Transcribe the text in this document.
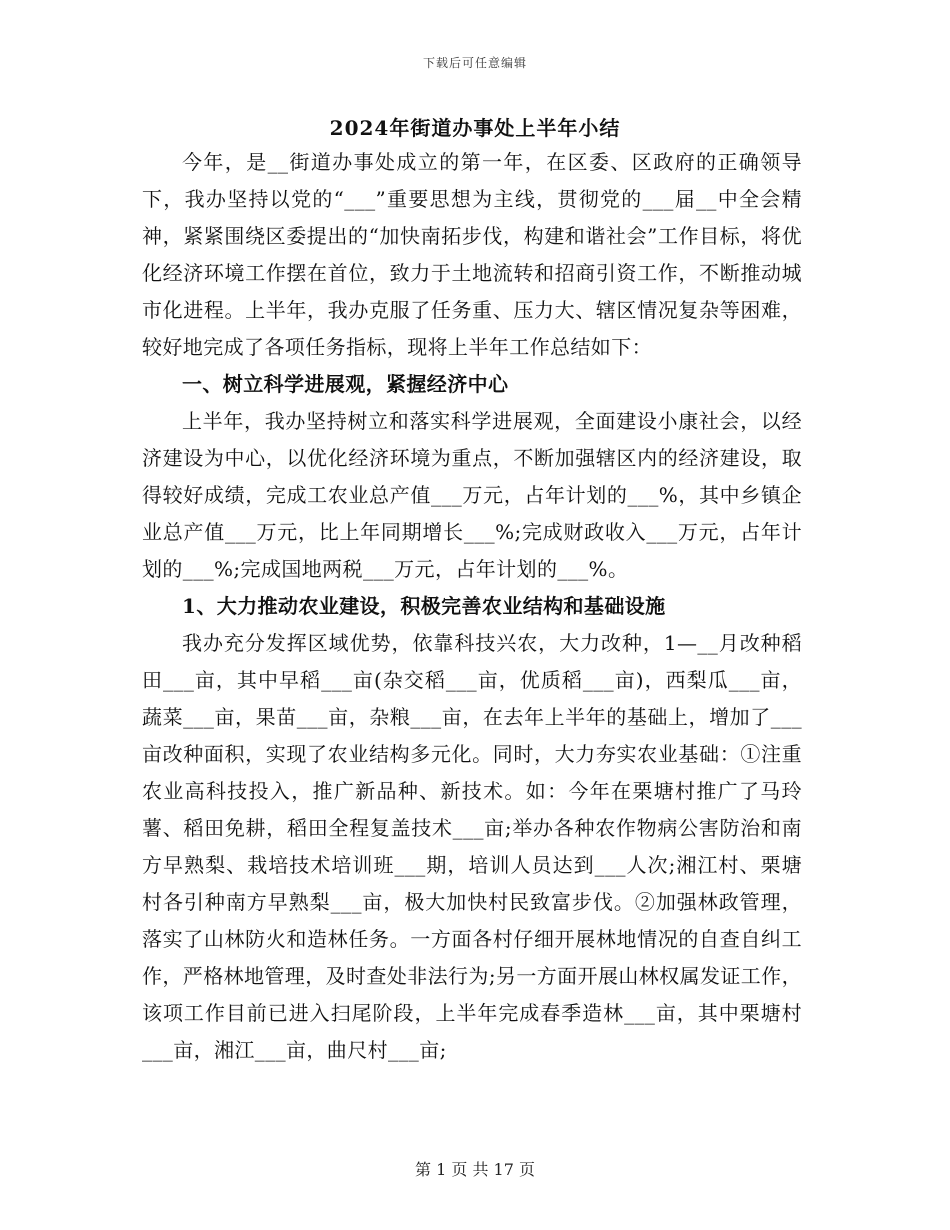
下载后可任意编辑
2024年街道办事处上半年小结

今年，是__街道办事处成立的第一年，在区委、区政府的正确领导下，我办坚持以党的“___”重要思想为主线，贯彻党的___届__中全会精神，紧紧围绕区委提出的“加快南拓步伐，构建和谐社会”工作目标，将优化经济环境工作摆在首位，致力于土地流转和招商引资工作，不断推动城市化进程。上半年，我办克服了任务重、压力大、辖区情况复杂等困难，较好地完成了各项任务指标，现将上半年工作总结如下：

一、树立科学进展观，紧握经济中心

上半年，我办坚持树立和落实科学进展观，全面建设小康社会，以经济建设为中心，以优化经济环境为重点，不断加强辖区内的经济建设，取得较好成绩，完成工农业总产值___万元，占年计划的___%，其中乡镇企业总产值___万元，比上年同期增长___%;完成财政收入___万元，占年计划的___%;完成国地两税___万元，占年计划的___%。

1、大力推动农业建设，积极完善农业结构和基础设施

我办充分发挥区域优势，依靠科技兴农，大力改种，1—__月改种稻田___亩，其中早稻___亩(杂交稻___亩，优质稻___亩)，西梨瓜___亩，蔬菜___亩，果苗___亩，杂粮___亩，在去年上半年的基础上，增加了___亩改种面积，实现了农业结构多元化。同时，大力夯实农业基础：①注重农业高科技投入，推广新品种、新技术。如：今年在栗塘村推广了马玲薯、稻田免耕，稻田全程复盖技术___亩;举办各种农作物病公害防治和南方早熟梨、栽培技术培训班___期，培训人员达到___人次;湘江村、栗塘村各引种南方早熟梨___亩，极大加快村民致富步伐。②加强林政管理，落实了山林防火和造林任务。一方面各村仔细开展林地情况的自查自纠工作，严格林地管理，及时查处非法行为;另一方面开展山林权属发证工作，该项工作目前已进入扫尾阶段，上半年完成春季造林___亩，其中栗塘村___亩，湘江___亩，曲尺村___亩;

第 1 页 共 17 页
